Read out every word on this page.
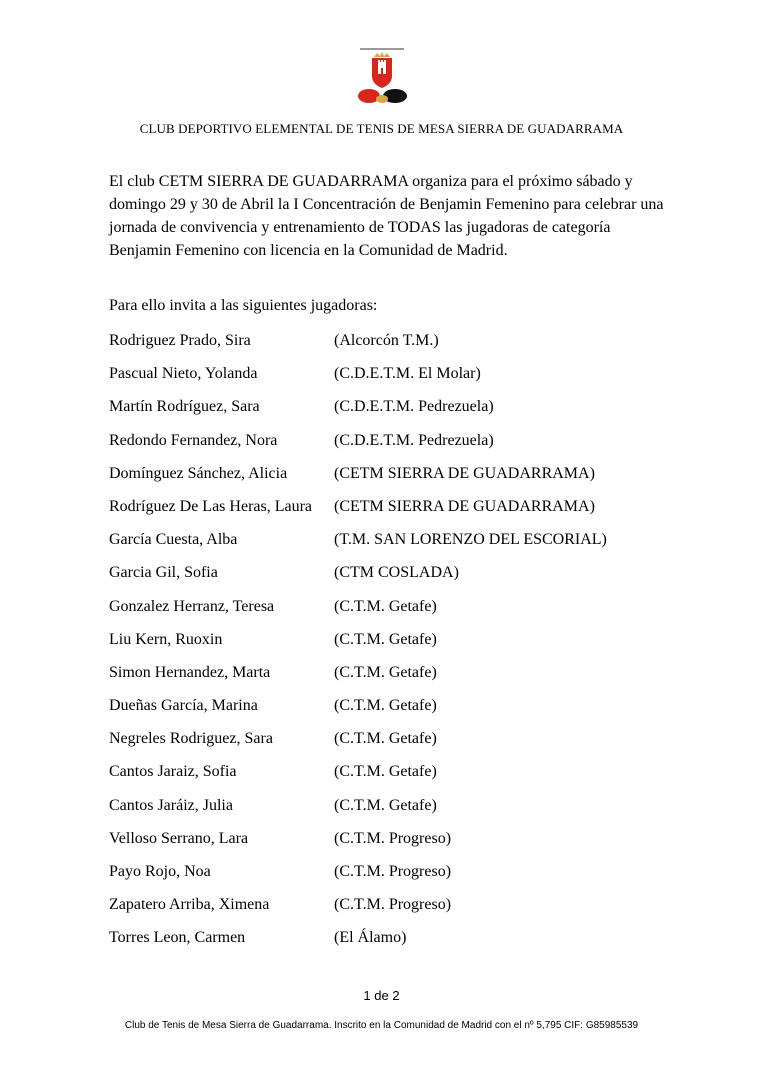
CLUB DEPORTIVO ELEMENTAL DE TENIS DE MESA SIERRA DE GUADARRAMA
El club CETM SIERRA DE GUADARRAMA organiza para el próximo sábado y
domingo 29 y 30 de Abril la I Concentración de Benjamin Femenino para celebrar una
jornada de convivencia y entrenamiento de TODAS las jugadoras de categoría
Benjamin Femenino con licencia en la Comunidad de Madrid.
Para ello invita a las siguientes jugadoras:
Rodriguez Prado, Sira	(Alcorcón T.M.)
Pascual Nieto, Yolanda	(C.D.E.T.M. El Molar)
Martín Rodríguez, Sara	(C.D.E.T.M. Pedrezuela)
Redondo Fernandez, Nora	(C.D.E.T.M. Pedrezuela)
Domínguez Sánchez, Alicia	(CETM SIERRA DE GUADARRAMA)
Rodríguez De Las Heras, Laura	(CETM SIERRA DE GUADARRAMA)
García Cuesta, Alba	(T.M. SAN LORENZO DEL ESCORIAL)
Garcia Gil, Sofia	(CTM COSLADA)
Gonzalez Herranz, Teresa	(C.T.M. Getafe)
Liu Kern, Ruoxin	(C.T.M. Getafe)
Simon Hernandez, Marta	(C.T.M. Getafe)
Dueñas García, Marina	(C.T.M. Getafe)
Negreles Rodriguez, Sara	(C.T.M. Getafe)
Cantos Jaraiz, Sofia	(C.T.M. Getafe)
Cantos Jaráiz, Julia	(C.T.M. Getafe)
Velloso Serrano, Lara	(C.T.M. Progreso)
Payo Rojo, Noa	(C.T.M. Progreso)
Zapatero Arriba, Ximena	(C.T.M. Progreso)
Torres Leon, Carmen	(El Álamo)
1 de 2
Club de Tenis de Mesa Sierra de Guadarrama. Inscrito en la Comunidad de Madrid con el nº 5,795 CIF: G85985539
